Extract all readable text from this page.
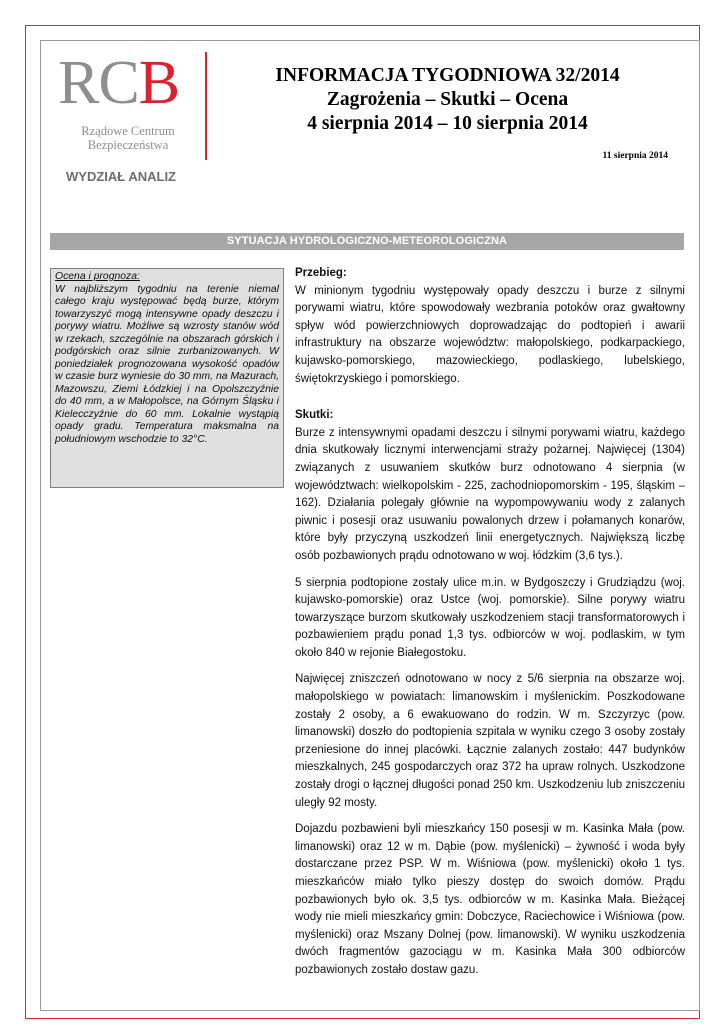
RCB
Rządowe Centrum
Bezpieczeństwa
WYDZIAŁ ANALIZ
INFORMACJA TYGODNIOWA 32/2014
Zagrożenia – Skutki – Ocena
4 sierpnia 2014 – 10 sierpnia 2014
11 sierpnia 2014
SYTUACJA HYDROLOGICZNO-METEOROLOGICZNA
Ocena i prognoza:
W najbliższym tygodniu na terenie niemal całego kraju występować będą burze, którym towarzyszyć mogą intensywne opady deszczu i porywy wiatru. Możliwe są wzrosty stanów wód w rzekach, szczególnie na obszarach górskich i podgórskich oraz silnie zurbanizowanych. W poniedziałek prognozowana wysokość opadów w czasie burz wyniesie do 30 mm, na Mazurach, Mazowszu, Ziemi Łódzkiej i na Opolszczyźnie do 40 mm, a w Małopolsce, na Górnym Śląsku i Kielecczyźnie do 60 mm. Lokalnie wystąpią opady gradu. Temperatura maksmalna na południowym wschodzie to 32°C.
Przebieg:

W minionym tygodniu występowały opady deszczu i burze z silnymi porywami wiatru, które spowodowały wezbrania potoków oraz gwałtowny spływ wód powierzchniowych doprowadzając do podtopień i awarii infrastruktury na obszarze województw: małopolskiego, podkarpackiego, kujawsko-pomorskiego, mazowieckiego, podlaskiego, lubelskiego, świętokrzyskiego i pomorskiego.

Skutki:

Burze z intensywnymi opadami deszczu i silnymi porywami wiatru, każdego dnia skutkowały licznymi interwencjami straży pożarnej. Najwięcej (1304) związanych z usuwaniem skutków burz odnotowano 4 sierpnia (w województwach: wielkopolskim - 225, zachodniopomorskim - 195, śląskim – 162). Działania polegały głównie na wypompowywaniu wody z zalanych piwnic i posesji oraz usuwaniu powalonych drzew i połamanych konarów, które były przyczyną uszkodzeń linii energetycznych. Największą liczbę osób pozbawionych prądu odnotowano w woj. łódzkim (3,6 tys.).

5 sierpnia podtopione zostały ulice m.in. w Bydgoszczy i Grudziądzu (woj. kujawsko-pomorskie) oraz Ustce (woj. pomorskie). Silne porywy wiatru towarzyszące burzom skutkowały uszkodzeniem stacji transformatorowych i pozbawieniem prądu ponad 1,3 tys. odbiorców w woj. podlaskim, w tym około 840 w rejonie Białegostoku.

Najwięcej zniszczeń odnotowano w nocy z 5/6 sierpnia na obszarze woj. małopolskiego w powiatach: limanowskim i myślenickim. Poszkodowane zostały 2 osoby, a 6 ewakuowano do rodzin. W m. Szczyrzyc (pow. limanowski) doszło do podtopienia szpitala w wyniku czego 3 osoby zostały przeniesione do innej placówki. Łącznie zalanych zostało: 447 budynków mieszkalnych, 245 gospodarczych oraz 372 ha upraw rolnych. Uszkodzone zostały drogi o łącznej długości ponad 250 km. Uszkodzeniu lub zniszczeniu uległy 92 mosty.

Dojazdu pozbawieni byli mieszkańcy 150 posesji w m. Kasinka Mała (pow. limanowski) oraz 12 w m. Dąbie (pow. myślenicki) – żywność i woda były dostarczane przez PSP. W m. Wiśniowa (pow. myślenicki) około 1 tys. mieszkańców miało tylko pieszy dostęp do swoich domów. Prądu pozbawionych było ok. 3,5 tys. odbiorców w m. Kasinka Mała. Bieżącej wody nie mieli mieszkańcy gmin: Dobczyce, Raciechowice i Wiśniowa (pow. myślenicki) oraz Mszany Dolnej (pow. limanowski). W wyniku uszkodzenia dwóch fragmentów gazociągu w m. Kasinka Mała 300 odbiorców pozbawionych zostało dostaw gazu.
